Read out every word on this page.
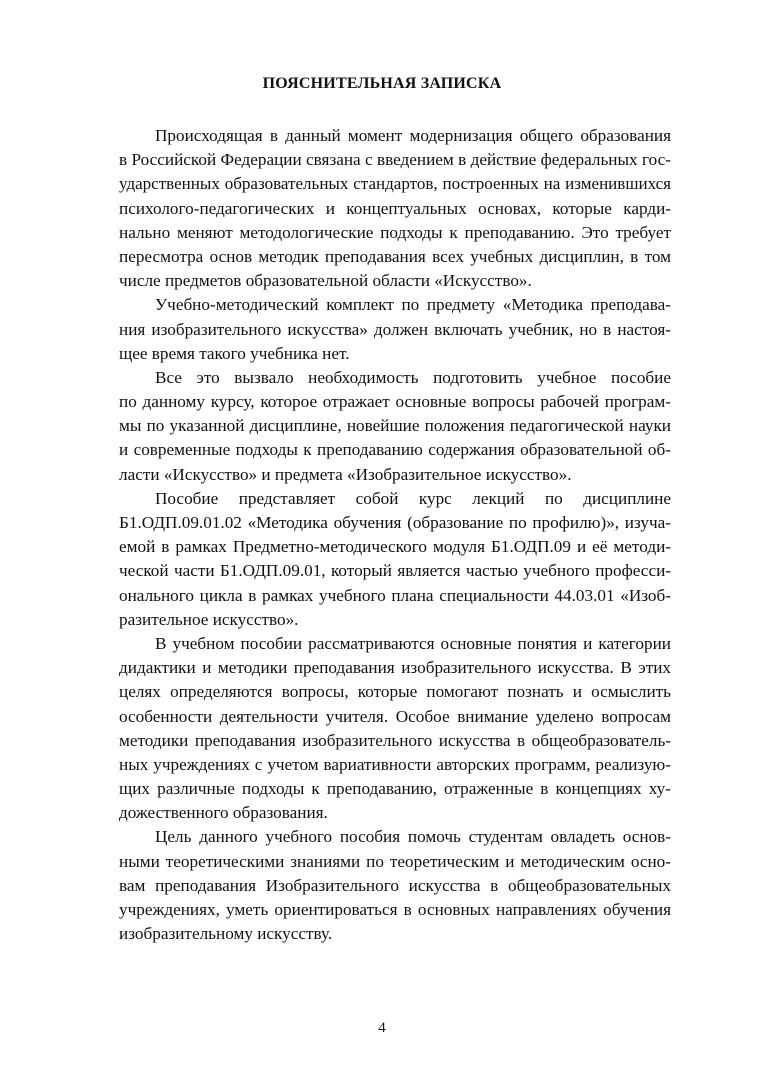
ПОЯСНИТЕЛЬНАЯ ЗАПИСКА

Происходящая в данный момент модернизация общего образования
в Российской Федерации связана с введением в действие федеральных гос-
ударственных образовательных стандартов, построенных на изменившихся
психолого-педагогических и концептуальных основах, которые карди-
нально меняют методологические подходы к преподаванию. Это требует
пересмотра основ методик преподавания всех учебных дисциплин, в том
числе предметов образовательной области «Искусство».

Учебно-методический комплект по предмету «Методика преподава-
ния изобразительного искусства» должен включать учебник, но в настоя-
щее время такого учебника нет.

Все это вызвало необходимость подготовить учебное пособие
по данному курсу, которое отражает основные вопросы рабочей програм-
мы по указанной дисциплине, новейшие положения педагогической науки
и современные подходы к преподаванию содержания образовательной об-
ласти «Искусство» и предмета «Изобразительное искусство».

Пособие представляет собой курс лекций по дисциплине
Б1.ОДП.09.01.02 «Методика обучения (образование по профилю)», изуча-
емой в рамках Предметно-методического модуля Б1.ОДП.09 и её методи-
ческой части Б1.ОДП.09.01, который является частью учебного професси-
онального цикла в рамках учебного плана специальности 44.03.01 «Изоб-
разительное искусство».

В учебном пособии рассматриваются основные понятия и категории
дидактики и методики преподавания изобразительного искусства. В этих
целях определяются вопросы, которые помогают познать и осмыслить
особенности деятельности учителя. Особое внимание уделено вопросам
методики преподавания изобразительного искусства в общеобразователь-
ных учреждениях с учетом вариативности авторских программ, реализую-
щих различные подходы к преподаванию, отраженные в концепциях ху-
дожественного образования.

Цель данного учебного пособия помочь студентам овладеть основ-
ными теоретическими знаниями по теоретическим и методическим осно-
вам преподавания Изобразительного искусства в общеобразовательных
учреждениях, уметь ориентироваться в основных направлениях обучения
изобразительному искусству.

4
